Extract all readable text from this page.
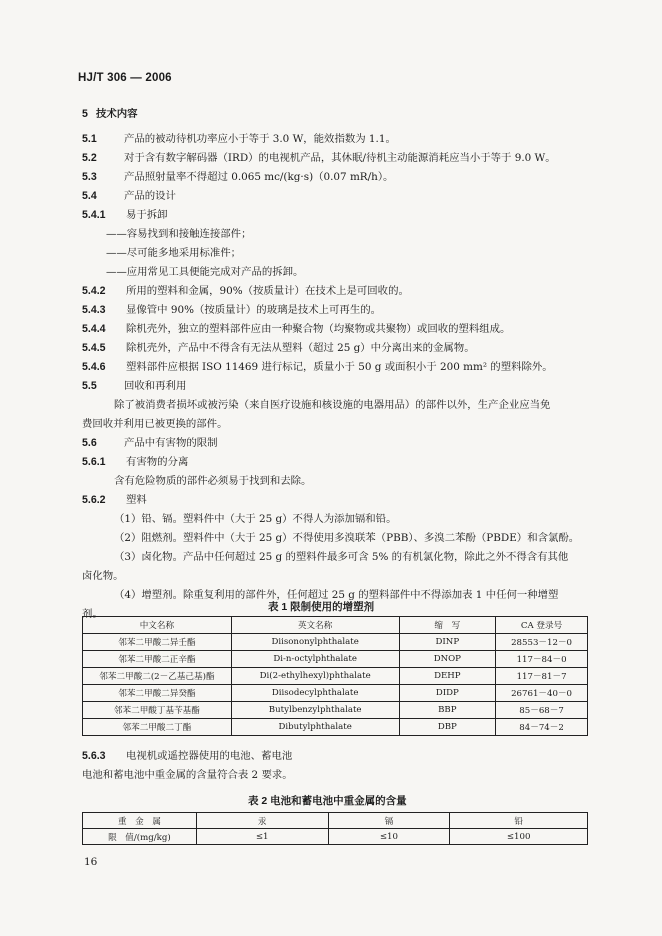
HJ/T 306 — 2006
5 技术内容
5.1	产品的被动待机功率应小于等于 3.0 W，能效指数为 1.1。
5.2	对于含有数字解码器（IRD）的电视机产品，其休眠/待机主动能源消耗应当小于等于 9.0 W。
5.3	产品照射量率不得超过 0.065 mc/(kg·s)（0.07 mR/h）。
5.4	产品的设计
5.4.1 易于拆卸
——容易找到和接触连接部件；
——尽可能多地采用标准件；
——应用常见工具便能完成对产品的拆卸。
5.4.2 所用的塑料和金属，90%（按质量计）在技术上是可回收的。
5.4.3 显像管中 90%（按质量计）的玻璃是技术上可再生的。
5.4.4 除机壳外，独立的塑料部件应由一种聚合物（均聚物或共聚物）或回收的塑料组成。
5.4.5 除机壳外，产品中不得含有无法从塑料（超过 25 g）中分离出来的金属物。
5.4.6 塑料部件应根据 ISO 11469 进行标记，质量小于 50 g 或面积小于 200 mm² 的塑料除外。
5.5	回收和再利用
除了被消费者损坏或被污染（来自医疗设施和核设施的电器用品）的部件以外，生产企业应当免
费回收并利用已被更换的部件。
5.6	产品中有害物的限制
5.6.1 有害物的分离
含有危险物质的部件必须易于找到和去除。
5.6.2 塑料
（1）铅、镉。塑料件中（大于 25 g）不得人为添加镉和铅。
（2）阻燃剂。塑料件中（大于 25 g）不得使用多溴联苯（PBB）、多溴二苯酚（PBDE）和含氯酚。
（3）卤化物。产品中任何超过 25 g 的塑料件最多可含 5% 的有机氯化物，除此之外不得含有其他
卤化物。
（4）增塑剂。除重复利用的部件外，任何超过 25 g 的塑料部件中不得添加表 1 中任何一种增塑
剂。
表 1 限制使用的增塑剂
中文名称	英文名称	缩　写	CA 登录号
邻苯二甲酸二异壬酯	Diisononylphthalate	DINP	28553－12－0
邻苯二甲酸二正辛酯	Di-n-octylphthalate	DNOP	117－84－0
邻苯二甲酸二(2－乙基己基)酯	Di(2-ethylhexyl)phthalate	DEHP	117－81－7
邻苯二甲酸二异癸酯	Diisodecylphthalate	DIDP	26761－40－0
邻苯二甲酸丁基苄基酯	Butylbenzylphthalate	BBP	85－68－7
邻苯二甲酸二丁酯	Dibutylphthalate	DBP	84－74－2
5.6.3 电视机或遥控器使用的电池、蓄电池
电池和蓄电池中重金属的含量符合表 2 要求。
表 2 电池和蓄电池中重金属的含量
重　金　属	汞	镉	铅
限　值/(mg/kg)	≤1	≤10	≤100
16
